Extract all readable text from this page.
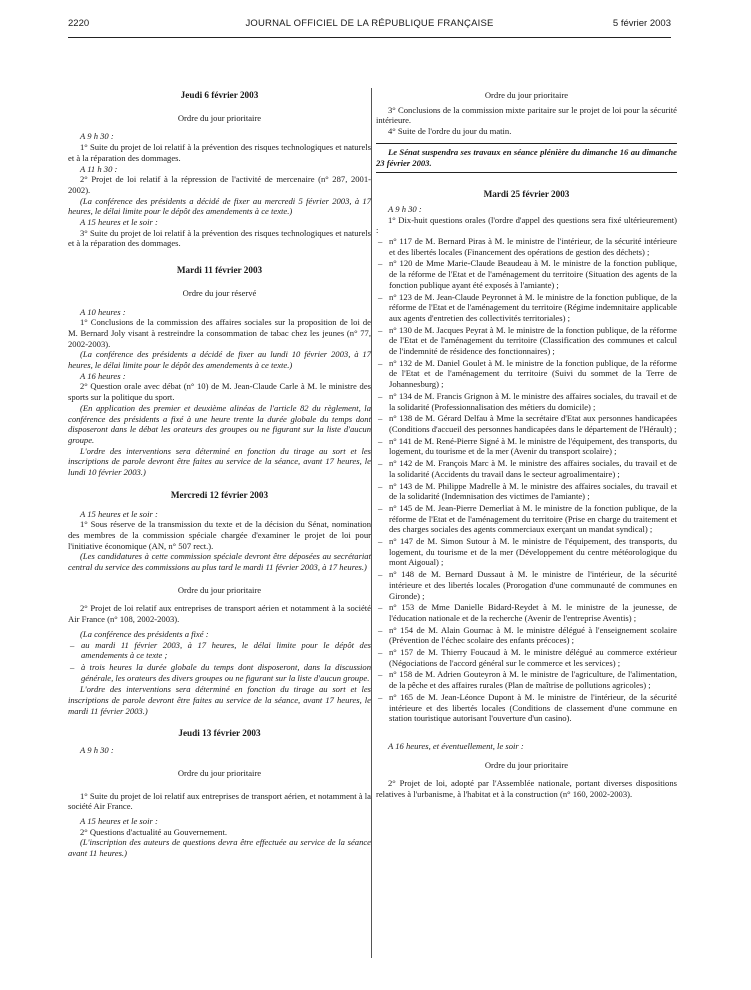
2220	JOURNAL OFFICIEL DE LA RÉPUBLIQUE FRANÇAISE	5 février 2003

Jeudi 6 février 2003

Ordre du jour prioritaire

A 9 h 30 :

1° Suite du projet de loi relatif à la prévention des risques technologiques et naturels et à la réparation des dommages.

A 11 h 30 :

2° Projet de loi relatif à la répression de l'activité de mercenaire (n° 287, 2001-2002).

(La conférence des présidents a décidé de fixer au mercredi 5 février 2003, à 17 heures, le délai limite pour le dépôt des amendements à ce texte.)

A 15 heures et le soir :

3° Suite du projet de loi relatif à la prévention des risques technologiques et naturels et à la réparation des dommages.

Mardi 11 février 2003

Ordre du jour réservé

A 10 heures :

1° Conclusions de la commission des affaires sociales sur la proposition de loi de M. Bernard Joly visant à restreindre la consommation de tabac chez les jeunes (n° 77, 2002-2003).

(La conférence des présidents a décidé de fixer au lundi 10 février 2003, à 17 heures, le délai limite pour le dépôt des amendements à ce texte.)

A 16 heures :

2° Question orale avec débat (n° 10) de M. Jean-Claude Carle à M. le ministre des sports sur la politique du sport.

(En application des premier et deuxième alinéas de l'article 82 du règlement, la conférence des présidents a fixé à une heure trente la durée globale du temps dont disposeront dans le débat les orateurs des groupes ou ne figurant sur la liste d'aucun groupe.

L'ordre des interventions sera déterminé en fonction du tirage au sort et les inscriptions de parole devront être faites au service de la séance, avant 17 heures, le lundi 10 février 2003.)

Mercredi 12 février 2003

A 15 heures et le soir :

1° Sous réserve de la transmission du texte et de la décision du Sénat, nomination des membres de la commission spéciale chargée d'examiner le projet de loi pour l'initiative économique (AN, n° 507 rect.).

(Les candidatures à cette commission spéciale devront être déposées au secrétariat central du service des commissions au plus tard le mardi 11 février 2003, à 17 heures.)

Ordre du jour prioritaire

2° Projet de loi relatif aux entreprises de transport aérien et notamment à la société Air France (n° 108, 2002-2003).

(La conférence des présidents a fixé :

– au mardi 11 février 2003, à 17 heures, le délai limite pour le dépôt des amendements à ce texte ;
– à trois heures la durée globale du temps dont disposeront, dans la discussion générale, les orateurs des divers groupes ou ne figurant sur la liste d'aucun groupe.

L'ordre des interventions sera déterminé en fonction du tirage au sort et les inscriptions de parole devront être faites au service de la séance, avant 17 heures, le mardi 11 février 2003.)

Jeudi 13 février 2003

A 9 h 30 :

Ordre du jour prioritaire

1° Suite du projet de loi relatif aux entreprises de transport aérien, et notamment à la société Air France.

A 15 heures et le soir :

2° Questions d'actualité au Gouvernement.

(L'inscription des auteurs de questions devra être effectuée au service de la séance avant 11 heures.)

Ordre du jour prioritaire

3° Conclusions de la commission mixte paritaire sur le projet de loi pour la sécurité intérieure.

4° Suite de l'ordre du jour du matin.

Le Sénat suspendra ses travaux en séance plénière du dimanche 16 au dimanche 23 février 2003.

Mardi 25 février 2003

A 9 h 30 :

1° Dix-huit questions orales (l'ordre d'appel des questions sera fixé ultérieurement) :

– n° 117 de M. Bernard Piras à M. le ministre de l'intérieur, de la sécurité intérieure et des libertés locales (Financement des opérations de gestion des déchets) ;
– n° 120 de Mme Marie-Claude Beaudeau à M. le ministre de la fonction publique, de la réforme de l'Etat et de l'aménagement du territoire (Situation des agents de la fonction publique ayant été exposés à l'amiante) ;
– n° 123 de M. Jean-Claude Peyronnet à M. le ministre de la fonction publique, de la réforme de l'Etat et de l'aménagement du territoire (Régime indemnitaire applicable aux agents d'entretien des collectivités territoriales) ;
– n° 130 de M. Jacques Peyrat à M. le ministre de la fonction publique, de la réforme de l'Etat et de l'aménagement du territoire (Classification des communes et calcul de l'indemnité de résidence des fonctionnaires) ;
– n° 132 de M. Daniel Goulet à M. le ministre de la fonction publique, de la réforme de l'Etat et de l'aménagement du territoire (Suivi du sommet de la Terre de Johannesburg) ;
– n° 134 de M. Francis Grignon à M. le ministre des affaires sociales, du travail et de la solidarité (Professionnalisation des métiers du domicile) ;
– n° 138 de M. Gérard Delfau à Mme la secrétaire d'Etat aux personnes handicapées (Conditions d'accueil des personnes handicapées dans le département de l'Hérault) ;
– n° 141 de M. René-Pierre Signé à M. le ministre de l'équipement, des transports, du logement, du tourisme et de la mer (Avenir du transport scolaire) ;
– n° 142 de M. François Marc à M. le ministre des affaires sociales, du travail et de la solidarité (Accidents du travail dans le secteur agroalimentaire) ;
– n° 143 de M. Philippe Madrelle à M. le ministre des affaires sociales, du travail et de la solidarité (Indemnisation des victimes de l'amiante) ;
– n° 145 de M. Jean-Pierre Demerliat à M. le ministre de la fonction publique, de la réforme de l'Etat et de l'aménagement du territoire (Prise en charge du traitement et des charges sociales des agents commerciaux exerçant un mandat syndical) ;
– n° 147 de M. Simon Sutour à M. le ministre de l'équipement, des transports, du logement, du tourisme et de la mer (Développement du centre météorologique du mont Aigoual) ;
– n° 148 de M. Bernard Dussaut à M. le ministre de l'intérieur, de la sécurité intérieure et des libertés locales (Prorogation d'une communauté de communes en Gironde) ;
– n° 153 de Mme Danielle Bidard-Reydet à M. le ministre de la jeunesse, de l'éducation nationale et de la recherche (Avenir de l'entreprise Aventis) ;
– n° 154 de M. Alain Gournac à M. le ministre délégué à l'enseignement scolaire (Prévention de l'échec scolaire des enfants précoces) ;
– n° 157 de M. Thierry Foucaud à M. le ministre délégué au commerce extérieur (Négociations de l'accord général sur le commerce et les services) ;
– n° 158 de M. Adrien Gouteyron à M. le ministre de l'agriculture, de l'alimentation, de la pêche et des affaires rurales (Plan de maîtrise de pollutions agricoles) ;
– n° 165 de M. Jean-Léonce Dupont à M. le ministre de l'intérieur, de la sécurité intérieure et des libertés locales (Conditions de classement d'une commune en station touristique autorisant l'ouverture d'un casino).

A 16 heures, et éventuellement, le soir :

Ordre du jour prioritaire

2° Projet de loi, adopté par l'Assemblée nationale, portant diverses dispositions relatives à l'urbanisme, à l'habitat et à la construction (n° 160, 2002-2003).
